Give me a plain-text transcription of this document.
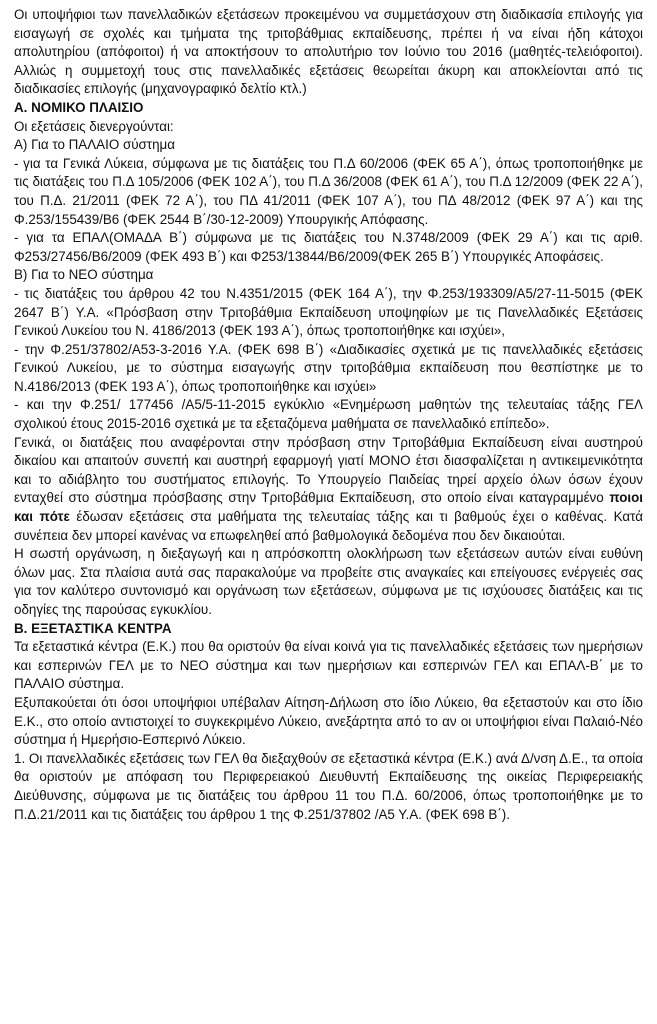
Οι υποψήφιοι των πανελλαδικών εξετάσεων προκειμένου να συμμετάσχουν στη διαδικασία επιλογής για εισαγωγή σε σχολές και τμήματα της τριτοβάθμιας εκπαίδευσης, πρέπει ή να είναι ήδη κάτοχοι απολυτηρίου (απόφοιτοι) ή να αποκτήσουν το απολυτήριο τον Ιούνιο του 2016 (μαθητές-τελειόφοιτοι). Αλλιώς η συμμετοχή τους στις πανελλαδικές εξετάσεις θεωρείται άκυρη και αποκλείονται από τις διαδικασίες επιλογής (μηχανογραφικό δελτίο κτλ.)

Α. ΝΟΜΙΚΟ ΠΛΑΙΣΙΟ

Οι εξετάσεις διενεργούνται:

Α) Για το ΠΑΛΑΙΟ σύστημα

- για τα Γενικά Λύκεια, σύμφωνα με τις διατάξεις του Π.Δ 60/2006 (ΦΕΚ 65 Α΄), όπως τροποποιήθηκε με τις διατάξεις του Π.Δ 105/2006 (ΦΕΚ 102 Α΄), του Π.Δ 36/2008 (ΦΕΚ 61 Α΄), του Π.Δ 12/2009 (ΦΕΚ 22 Α΄), του Π.Δ. 21/2011 (ΦΕΚ 72 Α΄), του ΠΔ 41/2011 (ΦΕΚ 107 Α΄), του ΠΔ 48/2012 (ΦΕΚ 97 Α΄) και της Φ.253/155439/Β6 (ΦΕΚ 2544 Β΄/30-12-2009) Υπουργικής Απόφασης.

- για τα ΕΠΑΛ(ΟΜΑΔΑ Β΄) σύμφωνα με τις διατάξεις του Ν.3748/2009 (ΦΕΚ 29 Α΄) και τις αριθ. Φ253/27456/Β6/2009 (ΦΕΚ 493 Β΄) και Φ253/13844/Β6/2009(ΦΕΚ 265 Β΄) Υπουργικές Αποφάσεις.

Β) Για το ΝΕΟ σύστημα

- τις διατάξεις του άρθρου 42 του Ν.4351/2015 (ΦΕΚ 164 Α΄), την Φ.253/193309/Α5/27-11-5015 (ΦΕΚ 2647 Β΄) Υ.Α. «Πρόσβαση στην Τριτοβάθμια Εκπαίδευση υποψηφίων με τις Πανελλαδικές Εξετάσεις Γενικού Λυκείου του Ν. 4186/2013 (ΦΕΚ 193 Α΄), όπως τροποποιήθηκε και ισχύει»,

- την Φ.251/37802/Α53-3-2016 Υ.Α. (ΦΕΚ 698 Β΄) «Διαδικασίες σχετικά με τις πανελλαδικές εξετάσεις Γενικού Λυκείου, με το σύστημα εισαγωγής στην τριτοβάθμια εκπαίδευση που θεσπίστηκε με το Ν.4186/2013 (ΦΕΚ 193 Α΄), όπως τροποποιήθηκε και ισχύει»

- και την Φ.251/ 177456 /Α5/5-11-2015 εγκύκλιο «Ενημέρωση μαθητών της τελευταίας τάξης ΓΕΛ σχολικού έτους 2015-2016 σχετικά με τα εξεταζόμενα μαθήματα σε πανελλαδικό επίπεδο».

Γενικά, οι διατάξεις που αναφέρονται στην πρόσβαση στην Τριτοβάθμια Εκπαίδευση είναι αυστηρού δικαίου και απαιτούν συνεπή και αυστηρή εφαρμογή γιατί ΜΟΝΟ έτσι διασφαλίζεται η αντικειμενικότητα και το αδιάβλητο του συστήματος επιλογής. Το Υπουργείο Παιδείας τηρεί αρχείο όλων όσων έχουν ενταχθεί στο σύστημα πρόσβασης στην Τριτοβάθμια Εκπαίδευση, στο οποίο είναι καταγραμμένο ποιοι και πότε έδωσαν εξετάσεις στα μαθήματα της τελευταίας τάξης και τι βαθμούς έχει ο καθένας. Κατά συνέπεια δεν μπορεί κανένας να επωφεληθεί από βαθμολογικά δεδομένα που δεν δικαιούται.

Η σωστή οργάνωση, η διεξαγωγή και η απρόσκοπτη ολοκλήρωση των εξετάσεων αυτών είναι ευθύνη όλων μας. Στα πλαίσια αυτά σας παρακαλούμε να προβείτε στις αναγκαίες και επείγουσες ενέργειές σας για τον καλύτερο συντονισμό και οργάνωση των εξετάσεων, σύμφωνα με τις ισχύουσες διατάξεις και τις οδηγίες της παρούσας εγκυκλίου.

Β. ΕΞΕΤΑΣΤΙΚΑ ΚΕΝΤΡΑ

Τα εξεταστικά κέντρα (Ε.Κ.) που θα οριστούν θα είναι κοινά για τις πανελλαδικές εξετάσεις των ημερήσιων και εσπερινών ΓΕΛ με το ΝΕΟ σύστημα και των ημερήσιων και εσπερινών ΓΕΛ και ΕΠΑΛ-Β΄ με το ΠΑΛΑΙΟ σύστημα.

Εξυπακούεται ότι όσοι υποψήφιοι υπέβαλαν Αίτηση-Δήλωση στο ίδιο Λύκειο, θα εξεταστούν και στο ίδιο Ε.Κ., στο οποίο αντιστοιχεί το συγκεκριμένο Λύκειο, ανεξάρτητα από το αν οι υποψήφιοι είναι Παλαιό-Νέο σύστημα ή Ημερήσιο-Εσπερινό Λύκειο.

1. Οι πανελλαδικές εξετάσεις των ΓΕΛ θα διεξαχθούν σε εξεταστικά κέντρα (Ε.Κ.) ανά Δ/νση Δ.Ε., τα οποία θα οριστούν με απόφαση του Περιφερειακού Διευθυντή Εκπαίδευσης της οικείας Περιφερειακής Διεύθυνσης, σύμφωνα με τις διατάξεις του άρθρου 11 του Π.Δ. 60/2006, όπως τροποποιήθηκε με το Π.Δ.21/2011 και τις διατάξεις του άρθρου 1 της Φ.251/37802 /Α5 Υ.Α. (ΦΕΚ 698 Β΄).
